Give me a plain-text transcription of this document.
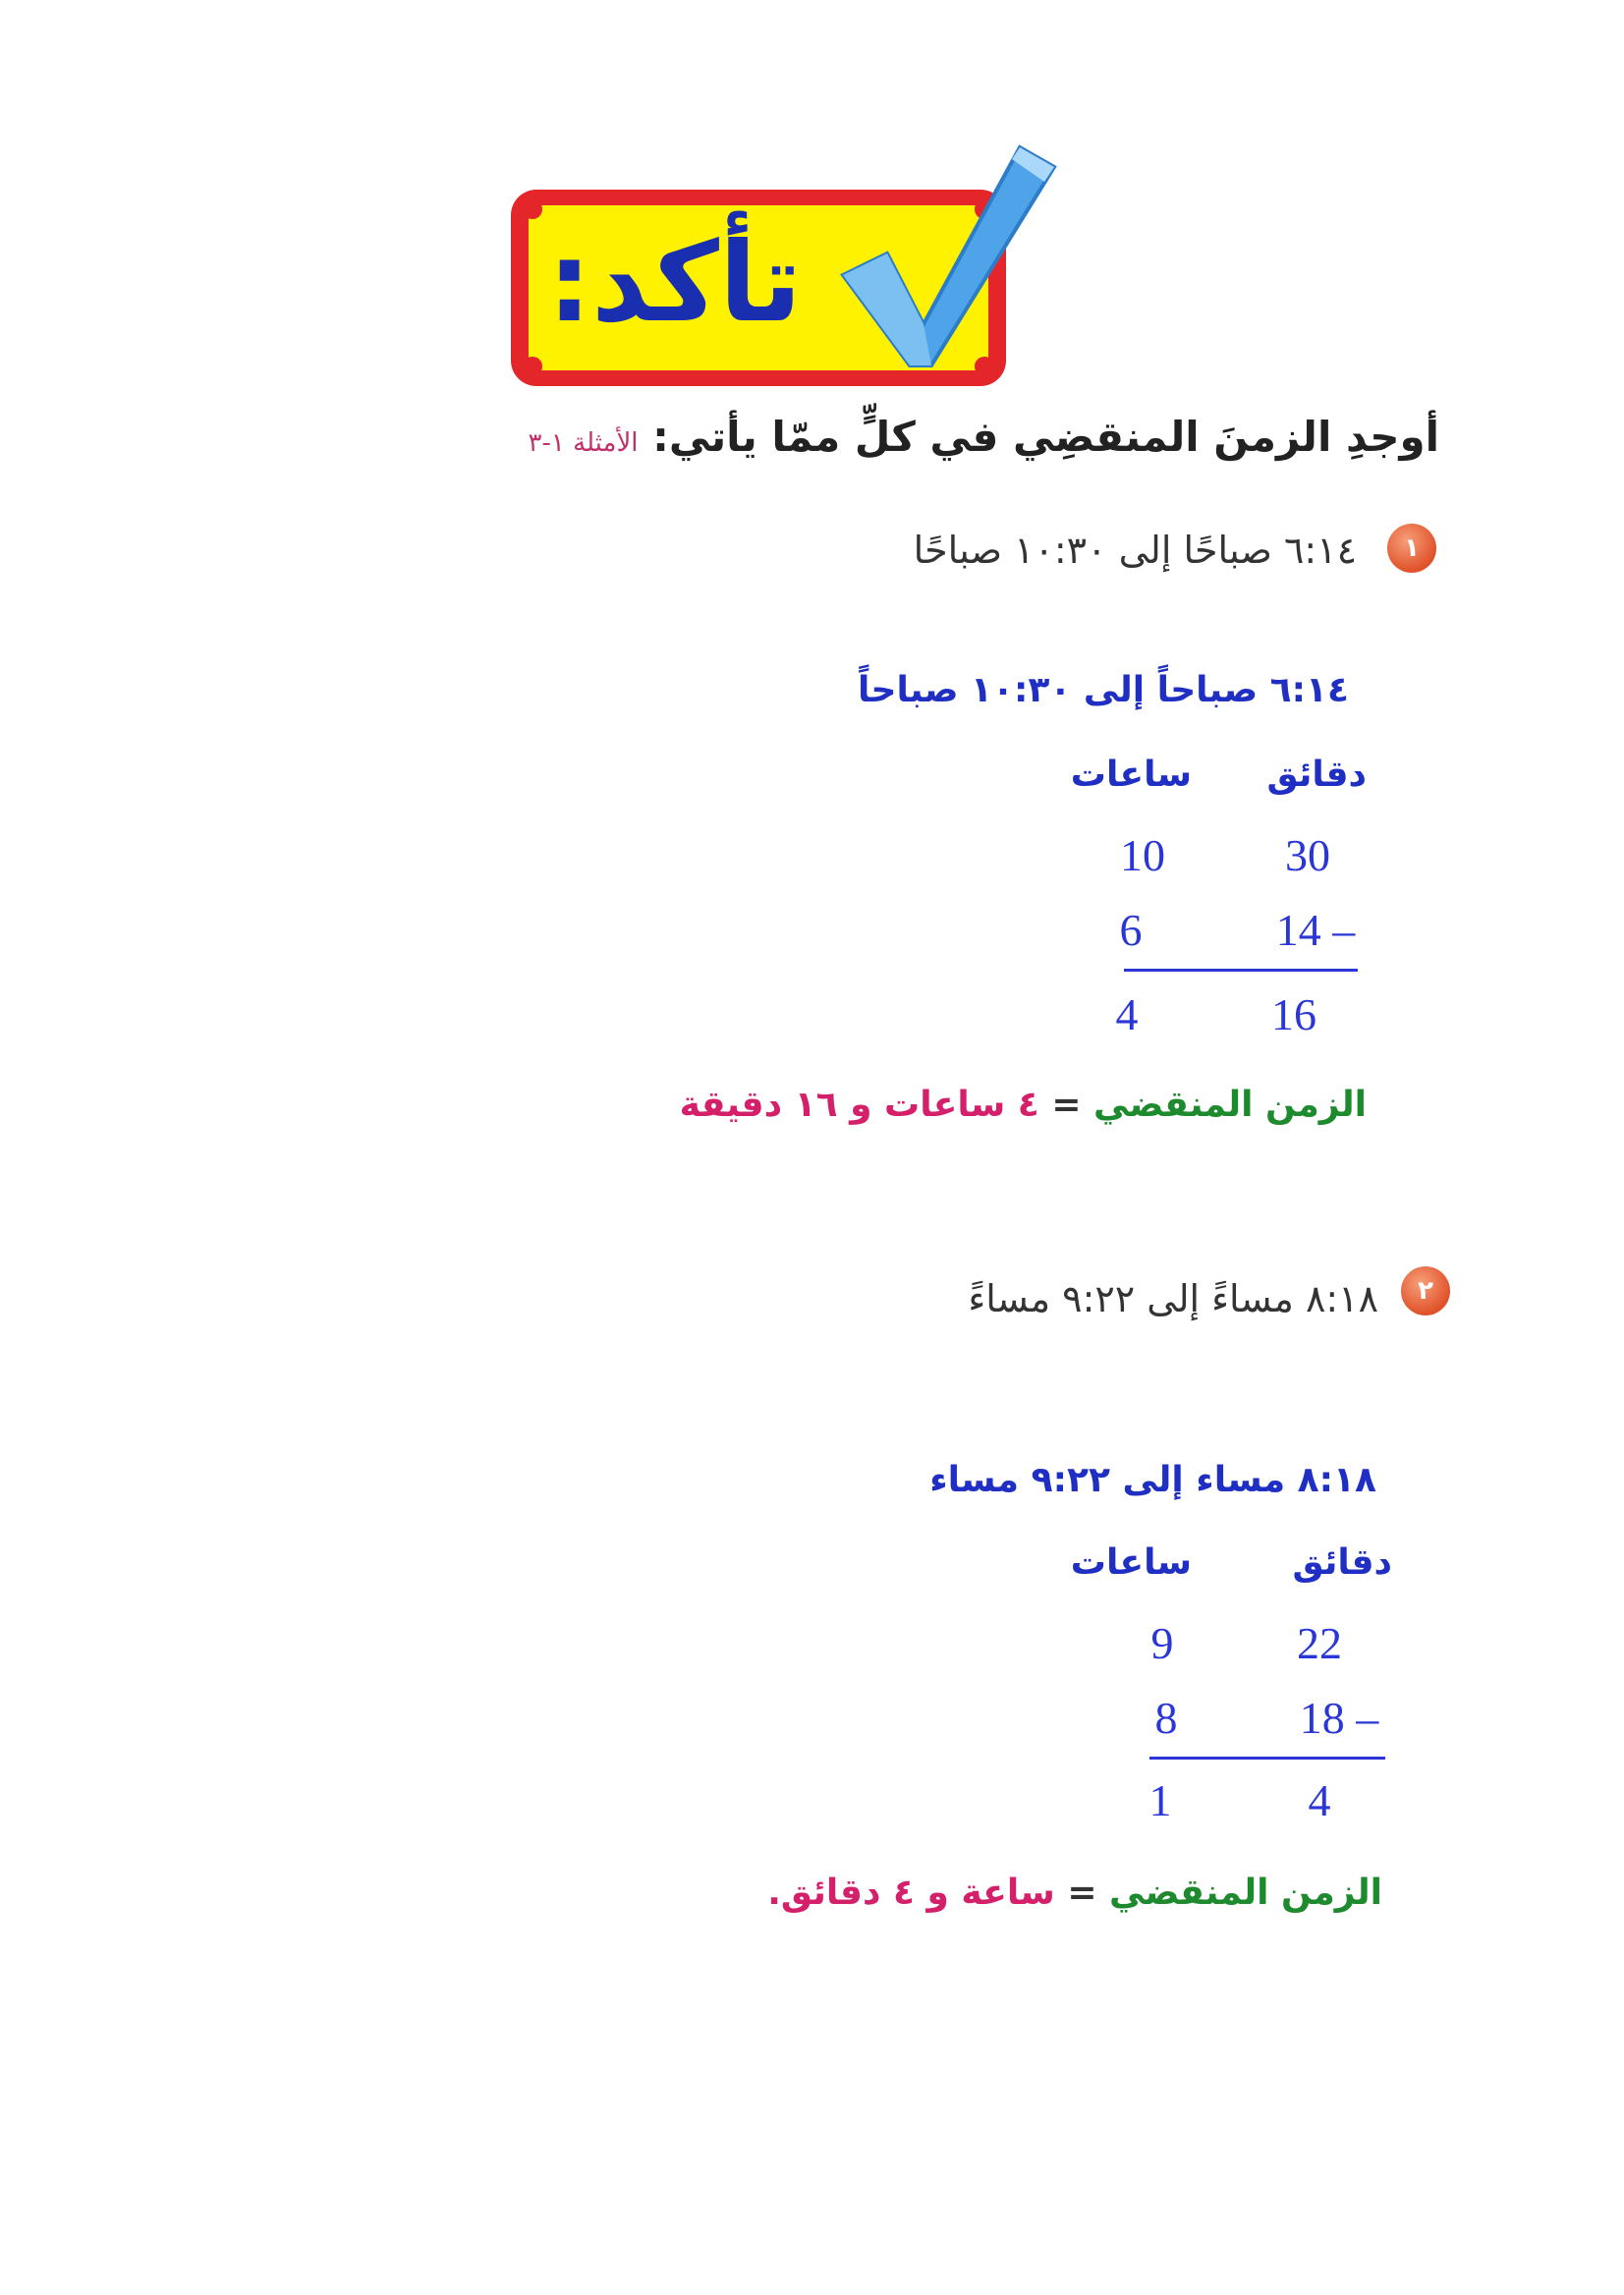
تأكد:
أوجدِ الزمنَ المنقضِي في كلٍّ ممّا يأتي: الأمثلة ١-٣
١
٦:١٤ صباحًا إلى ١٠:٣٠ صباحًا
٦:١٤ صباحاً إلى ١٠:٣٠ صباحاً
دقائق
ساعات
30
10
14 –
6
16
4
الزمن المنقضي = ٤ ساعات و ١٦ دقيقة
٢
٨:١٨ مساءً إلى ٩:٢٢ مساءً
٨:١٨ مساء إلى ٩:٢٢ مساء
دقائق
ساعات
22
9
18 –
8
4
1
الزمن المنقضي = ساعة و ٤ دقائق.
